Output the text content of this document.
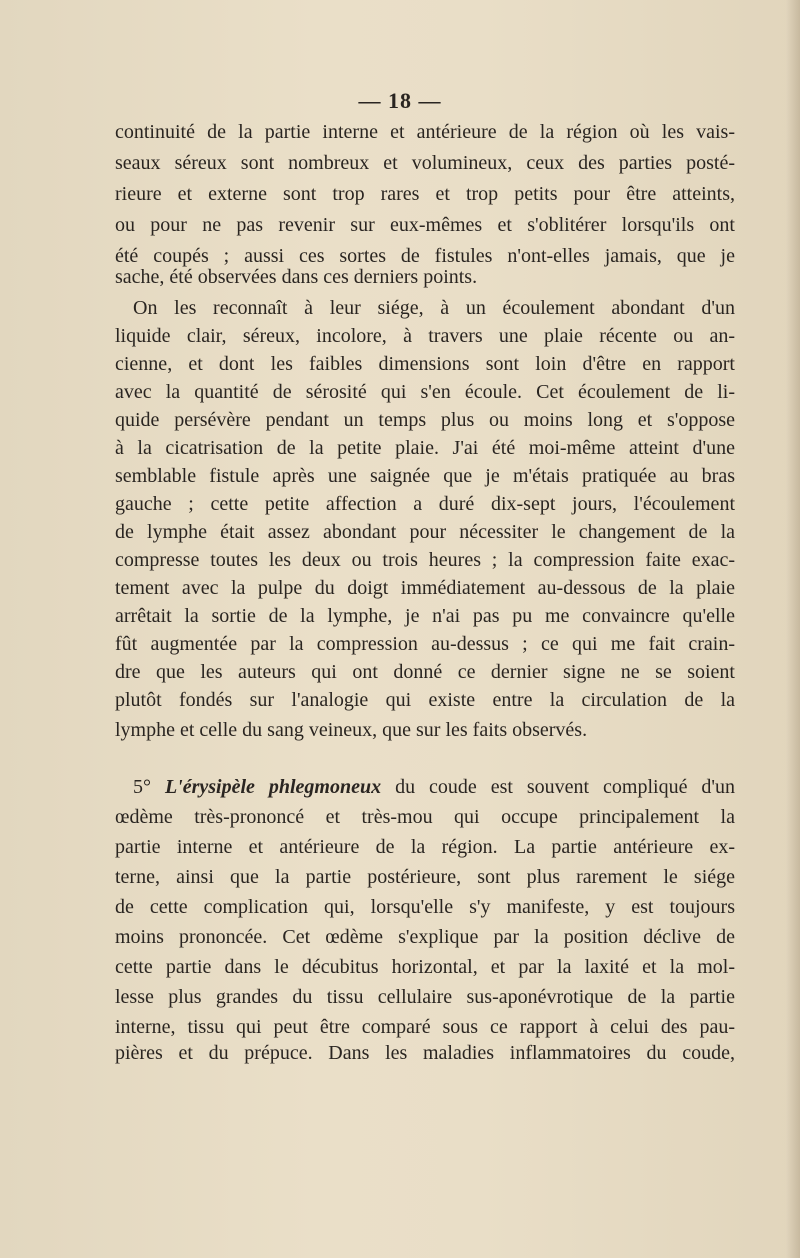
— 18 —
continuité de la partie interne et antérieure de la région où les vais-
seaux séreux sont nombreux et volumineux, ceux des parties posté-
rieure et externe sont trop rares et trop petits pour être atteints,
ou pour ne pas revenir sur eux-mêmes et s'oblitérer lorsqu'ils ont
été coupés ; aussi ces sortes de fistules n'ont-elles jamais, que je
sache, été observées dans ces derniers points.
On les reconnaît à leur siége, à un écoulement abondant d'un
liquide clair, séreux, incolore, à travers une plaie récente ou an-
cienne, et dont les faibles dimensions sont loin d'être en rapport
avec la quantité de sérosité qui s'en écoule. Cet écoulement de li-
quide persévère pendant un temps plus ou moins long et s'oppose
à la cicatrisation de la petite plaie. J'ai été moi-même atteint d'une
semblable fistule après une saignée que je m'étais pratiquée au bras
gauche ; cette petite affection a duré dix-sept jours, l'écoulement
de lymphe était assez abondant pour nécessiter le changement de la
compresse toutes les deux ou trois heures ; la compression faite exac-
tement avec la pulpe du doigt immédiatement au-dessous de la plaie
arrêtait la sortie de la lymphe, je n'ai pas pu me convaincre qu'elle
fût augmentée par la compression au-dessus ; ce qui me fait crain-
dre que les auteurs qui ont donné ce dernier signe ne se soient
plutôt fondés sur l'analogie qui existe entre la circulation de la
lymphe et celle du sang veineux, que sur les faits observés.
5° L'érysipèle phlegmoneux du coude est souvent compliqué d'un
œdème très-prononcé et très-mou qui occupe principalement la
partie interne et antérieure de la région. La partie antérieure ex-
terne, ainsi que la partie postérieure, sont plus rarement le siége
de cette complication qui, lorsqu'elle s'y manifeste, y est toujours
moins prononcée. Cet œdème s'explique par la position déclive de
cette partie dans le décubitus horizontal, et par la laxité et la mol-
lesse plus grandes du tissu cellulaire sus-aponévrotique de la partie
interne, tissu qui peut être comparé sous ce rapport à celui des pau-
pières et du prépuce. Dans les maladies inflammatoires du coude,
